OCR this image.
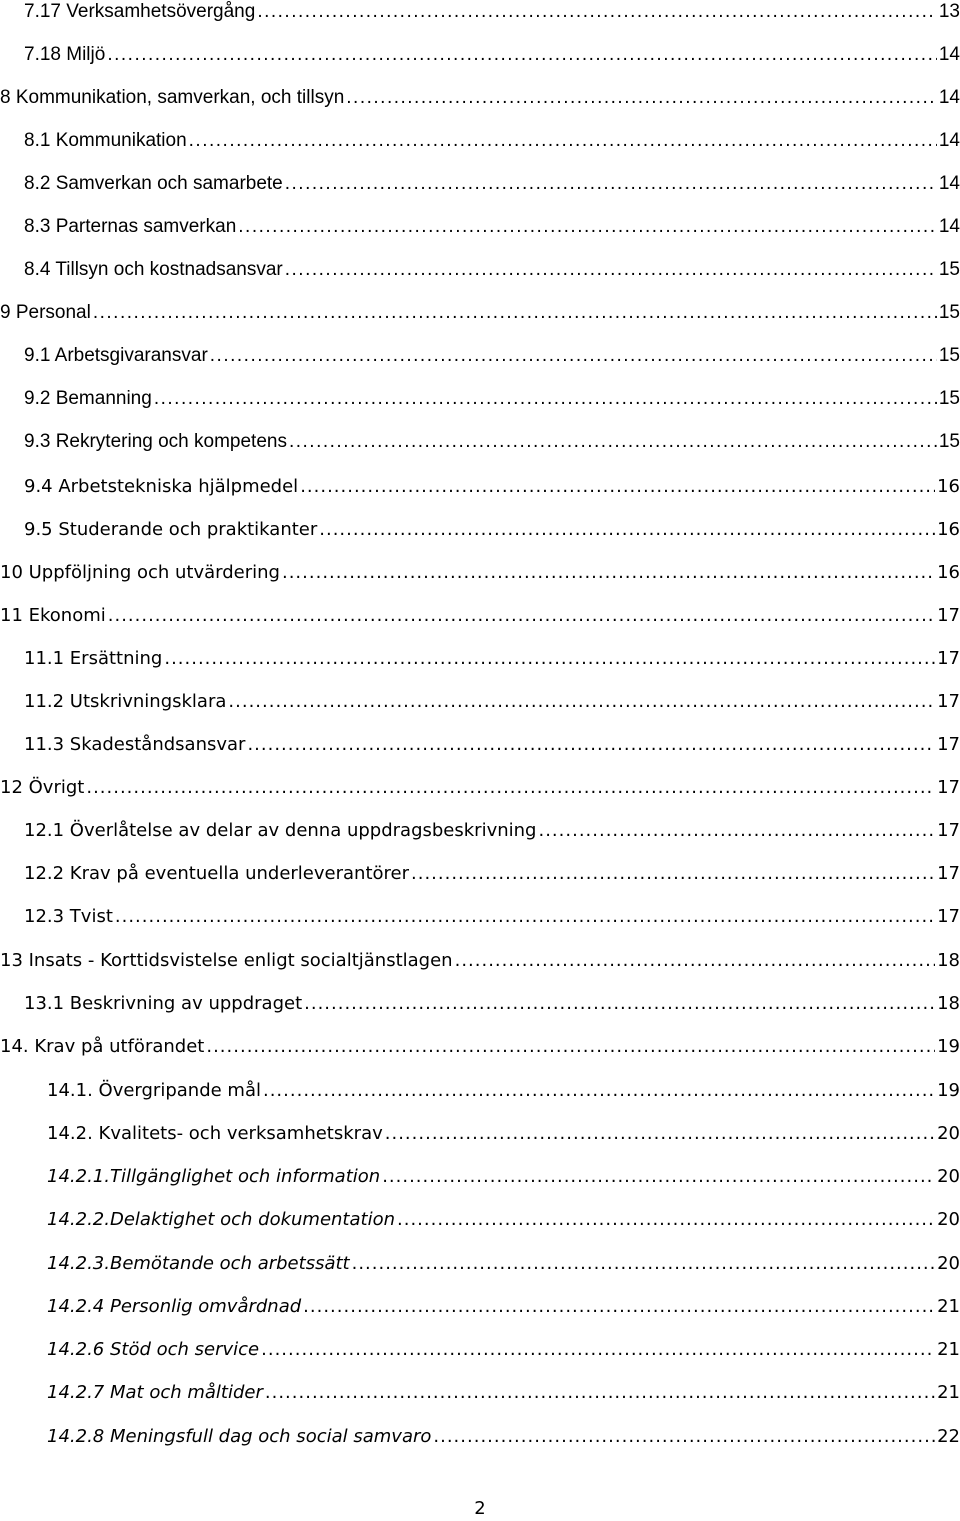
7.17 Verksamhetsövergång .....	13
7.18 Miljö .....	14
8 Kommunikation, samverkan, och tillsyn .....	14
8.1 Kommunikation .....	14
8.2 Samverkan och samarbete .....	14
8.3 Parternas samverkan .....	14
8.4 Tillsyn och kostnadsansvar .....	15
9 Personal .....	15
9.1 Arbetsgivaransvar .....	15
9.2 Bemanning .....	15
9.3 Rekrytering och kompetens .....	15
9.4 Arbetstekniska hjälpmedel .....	16
9.5 Studerande och praktikanter .....	16
10 Uppföljning och utvärdering .....	16
11 Ekonomi .....	17
11.1 Ersättning .....	17
11.2 Utskrivningsklara .....	17
11.3 Skadeståndsansvar .....	17
12 Övrigt .....	17
12.1 Överlåtelse av delar av denna uppdragsbeskrivning .....	17
12.2 Krav på eventuella underleverantörer .....	17
12.3 Tvist .....	17
13 Insats - Korttidsvistelse enligt socialtjänstlagen .....	18
13.1 Beskrivning av uppdraget .....	18
14. Krav på utförandet .....	19
14.1. Övergripande mål .....	19
14.2. Kvalitets- och verksamhetskrav .....	20
14.2.1.Tillgänglighet och information .....	20
14.2.2.Delaktighet och dokumentation .....	20
14.2.3.Bemötande och arbetssätt .....	20
14.2.4 Personlig omvårdnad .....	21
14.2.6 Stöd och service .....	21
14.2.7 Mat och måltider .....	21
14.2.8 Meningsfull dag och social samvaro .....	22
2
